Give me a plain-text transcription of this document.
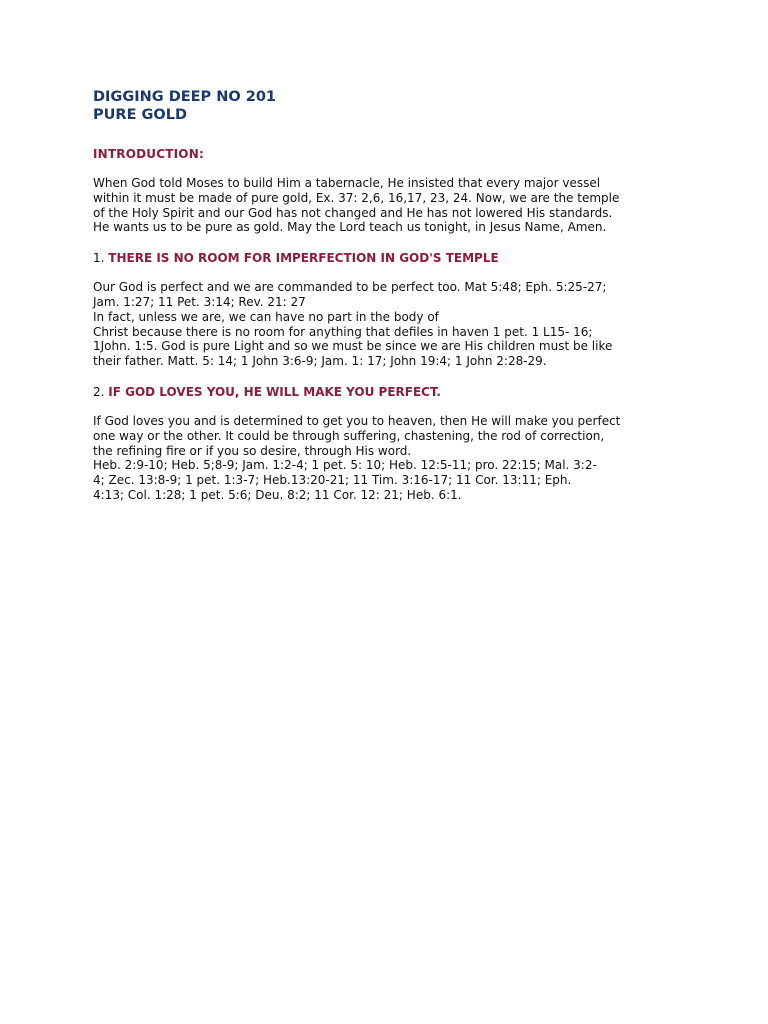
DIGGING DEEP NO 201
PURE GOLD
INTRODUCTION:

When God told Moses to build Him a tabernacle, He insisted that every major vessel
within it must be made of pure gold, Ex. 37: 2,6, 16,17, 23, 24. Now, we are the temple
of the Holy Spirit and our God has not changed and He has not lowered His standards.
He wants us to be pure as gold. May the Lord teach us tonight, in Jesus Name, Amen.

1. THERE IS NO ROOM FOR IMPERFECTION IN GOD'S TEMPLE

Our God is perfect and we are commanded to be perfect too. Mat 5:48; Eph. 5:25-27;
Jam. 1:27; 11 Pet. 3:14; Rev. 21: 27
In fact, unless we are, we can have no part in the body of
Christ because there is no room for anything that defiles in haven 1 pet. 1 L15- 16;
1John. 1:5. God is pure Light and so we must be since we are His children must be like
their father. Matt. 5: 14; 1 John 3:6-9; Jam. 1: 17; John 19:4; 1 John 2:28-29.

2. IF GOD LOVES YOU, HE WILL MAKE YOU PERFECT.

If God loves you and is determined to get you to heaven, then He will make you perfect
one way or the other. It could be through suffering, chastening, the rod of correction,
the refining fire or if you so desire, through His word.
Heb. 2:9-10; Heb. 5;8-9; Jam. 1:2-4; 1 pet. 5: 10; Heb. 12:5-11; pro. 22:15; Mal. 3:2-
4; Zec. 13:8-9; 1 pet. 1:3-7; Heb.13:20-21; 11 Tim. 3:16-17; 11 Cor. 13:11; Eph.
4:13; Col. 1:28; 1 pet. 5:6; Deu. 8:2; 11 Cor. 12: 21; Heb. 6:1.
